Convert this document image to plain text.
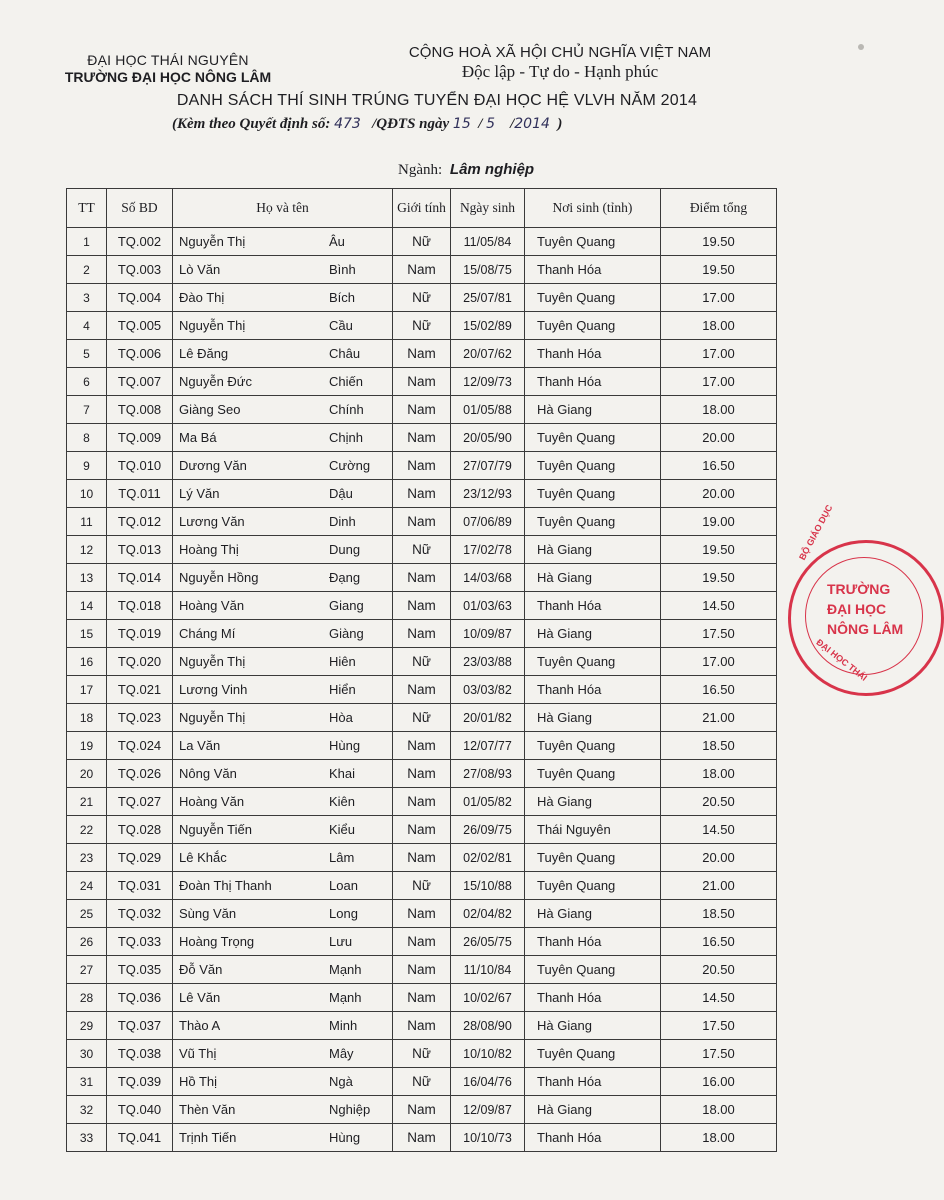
ĐẠI HỌC THÁI NGUYÊN
TRƯỜNG ĐẠI HỌC NÔNG LÂM
CỘNG HOÀ XÃ HỘI CHỦ NGHĨA VIỆT NAM
Độc lập - Tự do - Hạnh phúc
DANH SÁCH THÍ SINH TRÚNG TUYỂN ĐẠI HỌC HỆ VLVH NĂM 2014
(Kèm theo Quyết định số: 473 /QĐTS ngày 15  / 5    /2014 )
Ngành: Lâm nghiệp
TT	Số BD	Họ và tên	Giới tính	Ngày sinh	Nơi sinh (tỉnh)	Điểm tổng
1	TQ.002	Nguyễn Thị Âu	Nữ	11/05/84	Tuyên Quang	19.50
2	TQ.003	Lò Văn Bình	Nam	15/08/75	Thanh Hóa	19.50
3	TQ.004	Đào Thị Bích	Nữ	25/07/81	Tuyên Quang	17.00
4	TQ.005	Nguyễn Thị Cầu	Nữ	15/02/89	Tuyên Quang	18.00
5	TQ.006	Lê Đăng Châu	Nam	20/07/62	Thanh Hóa	17.00
6	TQ.007	Nguyễn Đức Chiến	Nam	12/09/73	Thanh Hóa	17.00
7	TQ.008	Giàng Seo Chính	Nam	01/05/88	Hà Giang	18.00
8	TQ.009	Ma Bá Chịnh	Nam	20/05/90	Tuyên Quang	20.00
9	TQ.010	Dương Văn Cường	Nam	27/07/79	Tuyên Quang	16.50
10	TQ.011	Lý Văn Dậu	Nam	23/12/93	Tuyên Quang	20.00
11	TQ.012	Lương Văn Dinh	Nam	07/06/89	Tuyên Quang	19.00
12	TQ.013	Hoàng Thị Dung	Nữ	17/02/78	Hà Giang	19.50
13	TQ.014	Nguyễn Hồng Đạng	Nam	14/03/68	Hà Giang	19.50
14	TQ.018	Hoàng Văn Giang	Nam	01/03/63	Thanh Hóa	14.50
15	TQ.019	Cháng Mí Giàng	Nam	10/09/87	Hà Giang	17.50
16	TQ.020	Nguyễn Thị Hiên	Nữ	23/03/88	Tuyên Quang	17.00
17	TQ.021	Lương Vinh Hiển	Nam	03/03/82	Thanh Hóa	16.50
18	TQ.023	Nguyễn Thị Hòa	Nữ	20/01/82	Hà Giang	21.00
19	TQ.024	La Văn Hùng	Nam	12/07/77	Tuyên Quang	18.50
20	TQ.026	Nông Văn Khai	Nam	27/08/93	Tuyên Quang	18.00
21	TQ.027	Hoàng Văn Kiên	Nam	01/05/82	Hà Giang	20.50
22	TQ.028	Nguyễn Tiến Kiểu	Nam	26/09/75	Thái Nguyên	14.50
23	TQ.029	Lê Khắc Lâm	Nam	02/02/81	Tuyên Quang	20.00
24	TQ.031	Đoàn Thị Thanh Loan	Nữ	15/10/88	Tuyên Quang	21.00
25	TQ.032	Sùng Văn Long	Nam	02/04/82	Hà Giang	18.50
26	TQ.033	Hoàng Trọng Lưu	Nam	26/05/75	Thanh Hóa	16.50
27	TQ.035	Đỗ Văn Mạnh	Nam	11/10/84	Tuyên Quang	20.50
28	TQ.036	Lê Văn Mạnh	Nam	10/02/67	Thanh Hóa	14.50
29	TQ.037	Thào A Minh	Nam	28/08/90	Hà Giang	17.50
30	TQ.038	Vũ Thị Mây	Nữ	10/10/82	Tuyên Quang	17.50
31	TQ.039	Hồ Thị Ngà	Nữ	16/04/76	Thanh Hóa	16.00
32	TQ.040	Thèn Văn Nghiệp	Nam	12/09/87	Hà Giang	18.00
33	TQ.041	Trịnh Tiến Hùng	Nam	10/10/73	Thanh Hóa	18.00
BỘ GIÁO DỤC
TRƯỜNG
ĐẠI HỌC
NÔNG LÂM
ĐẠI HỌC THÁI
